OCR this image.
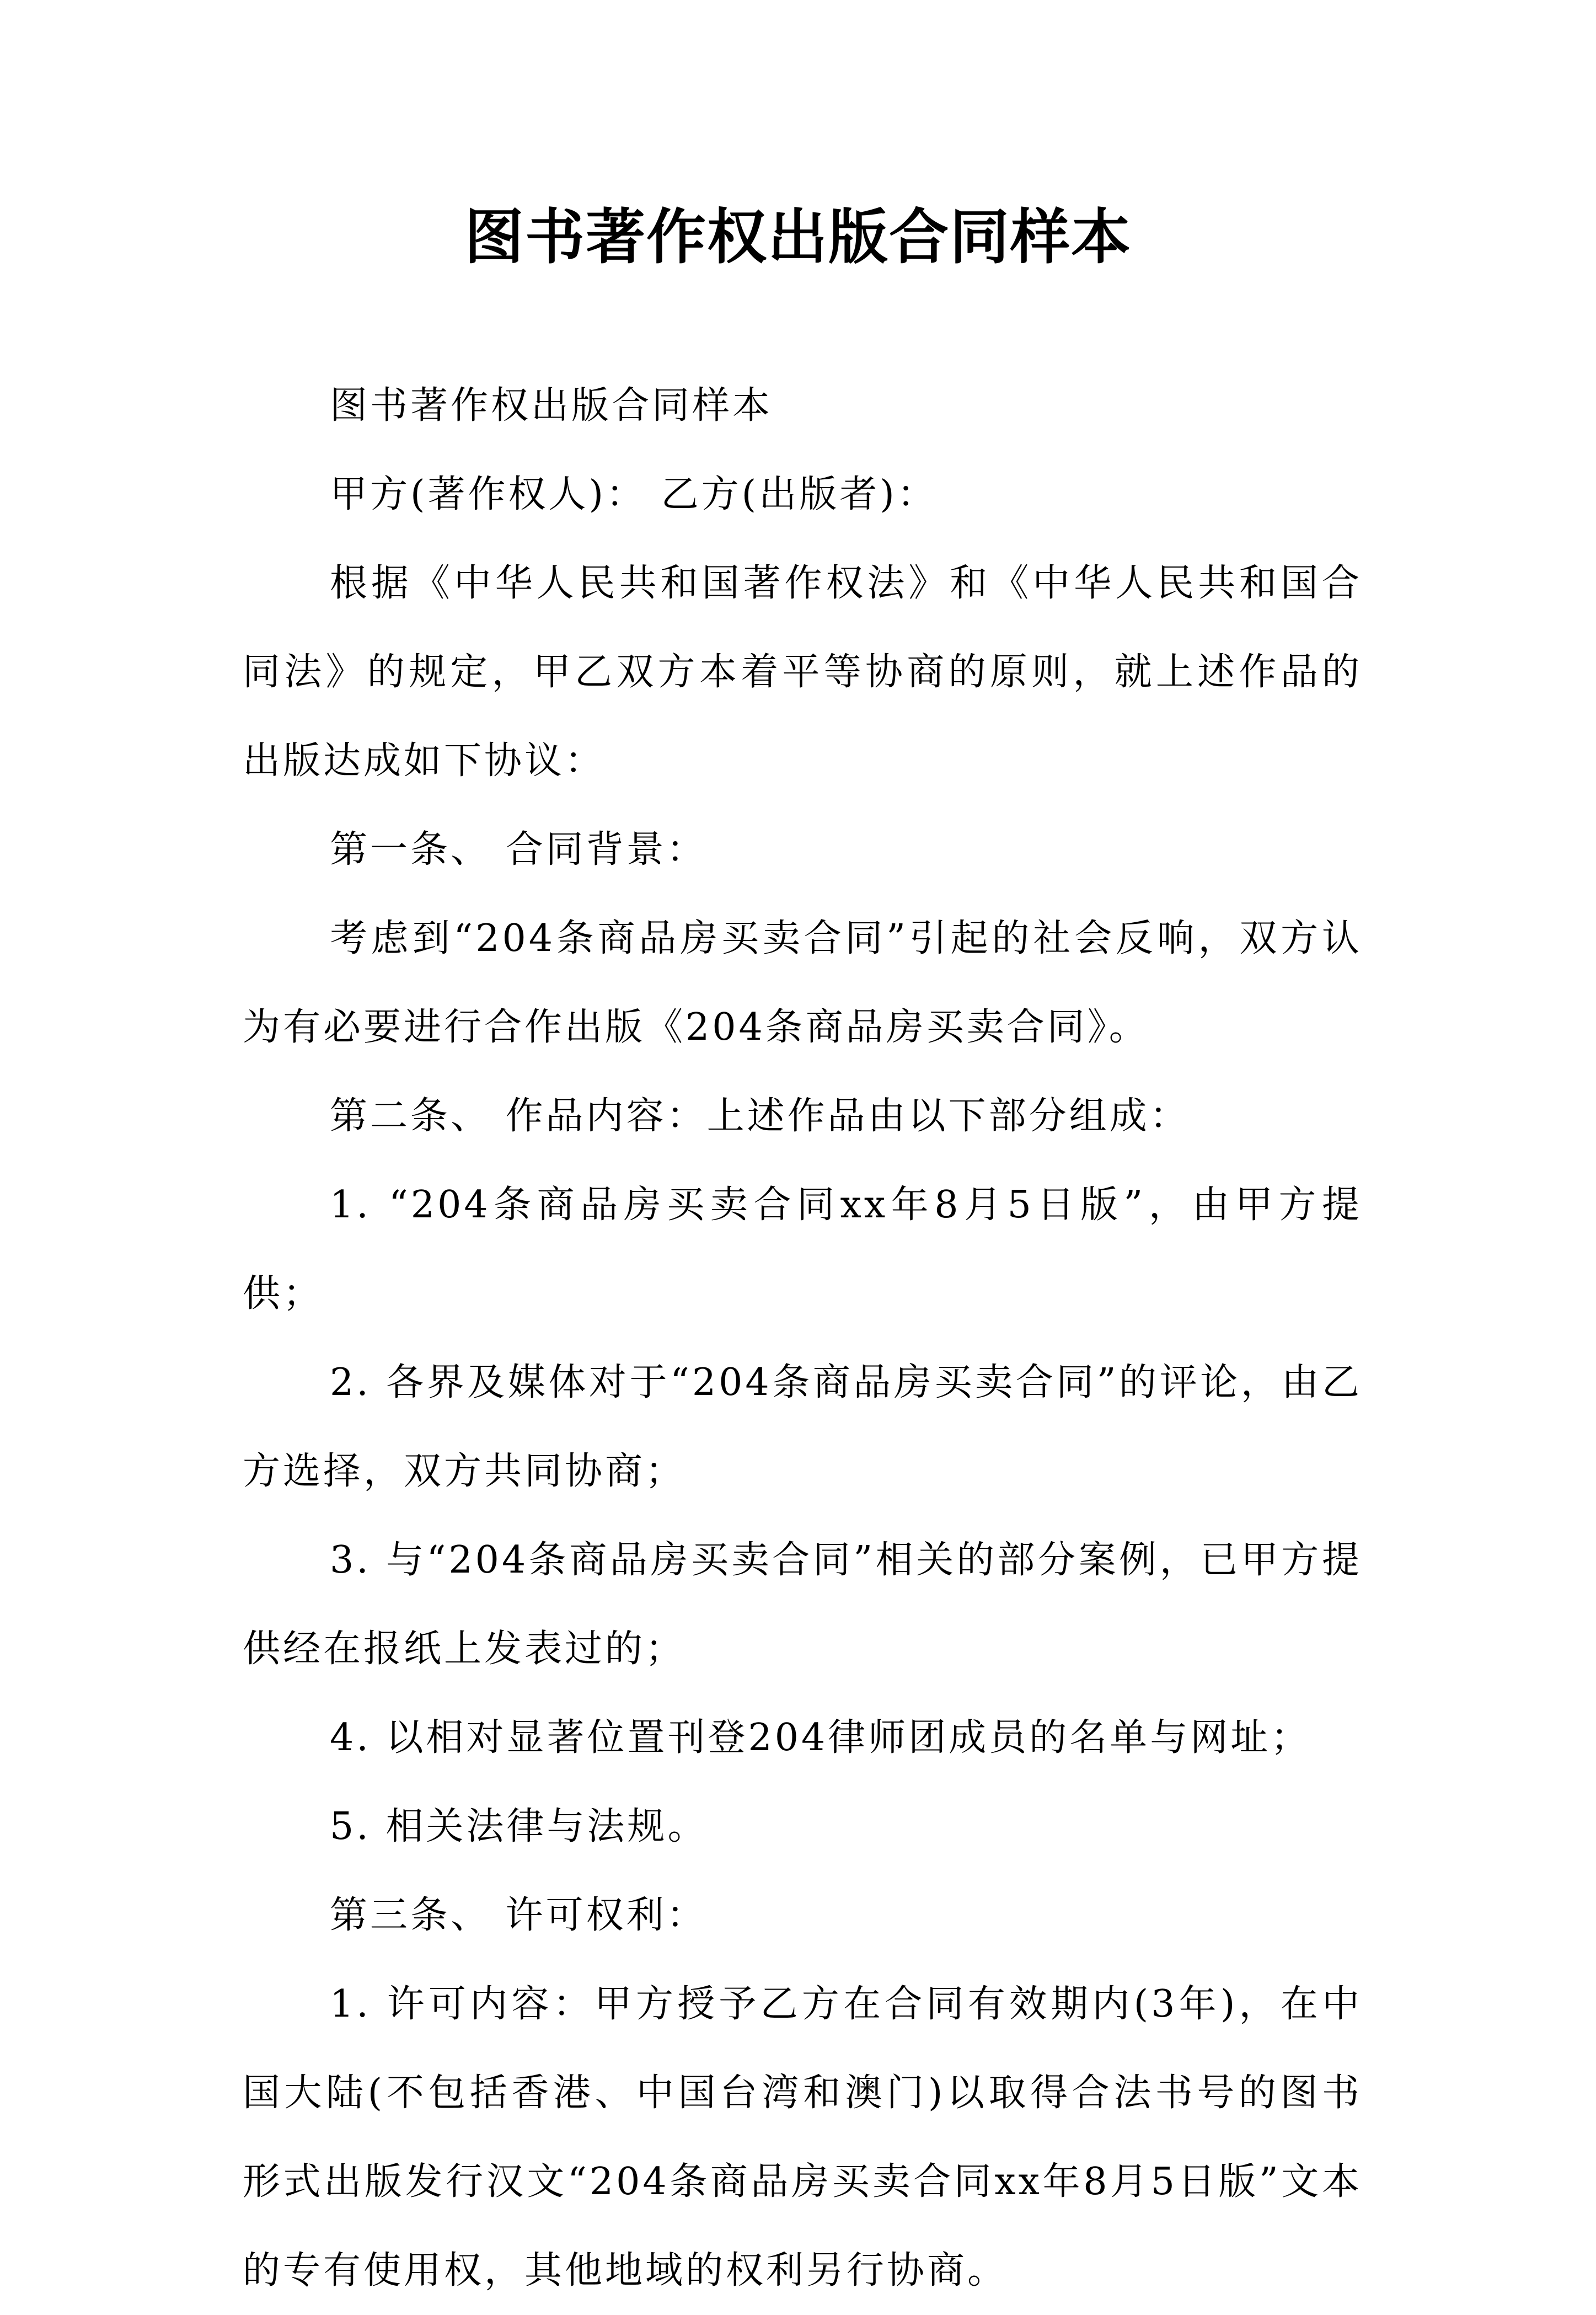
图书著作权出版合同样本

图书著作权出版合同样本

甲方(著作权人)： 乙方(出版者)：

根据《中华人民共和国著作权法》和《中华人民共和国合同法》的规定，甲乙双方本着平等协商的原则，就上述作品的出版达成如下协议：

第一条、 合同背景：

考虑到“204条商品房买卖合同”引起的社会反响，双方认为有必要进行合作出版《204条商品房买卖合同》。

第二条、 作品内容：上述作品由以下部分组成：

1. “204条商品房买卖合同xx年8月5日版”，由甲方提供；

2. 各界及媒体对于“204条商品房买卖合同”的评论，由乙方选择，双方共同协商；

3. 与“204条商品房买卖合同”相关的部分案例，已甲方提供经在报纸上发表过的；

4. 以相对显著位置刊登204律师团成员的名单与网址；

5. 相关法律与法规。

第三条、 许可权利：

1. 许可内容：甲方授予乙方在合同有效期内(3年)，在中国大陆(不包括香港、中国台湾和澳门)以取得合法书号的图书形式出版发行汉文“204条商品房买卖合同xx年8月5日版”文本的专有使用权，其他地域的权利另行协商。
